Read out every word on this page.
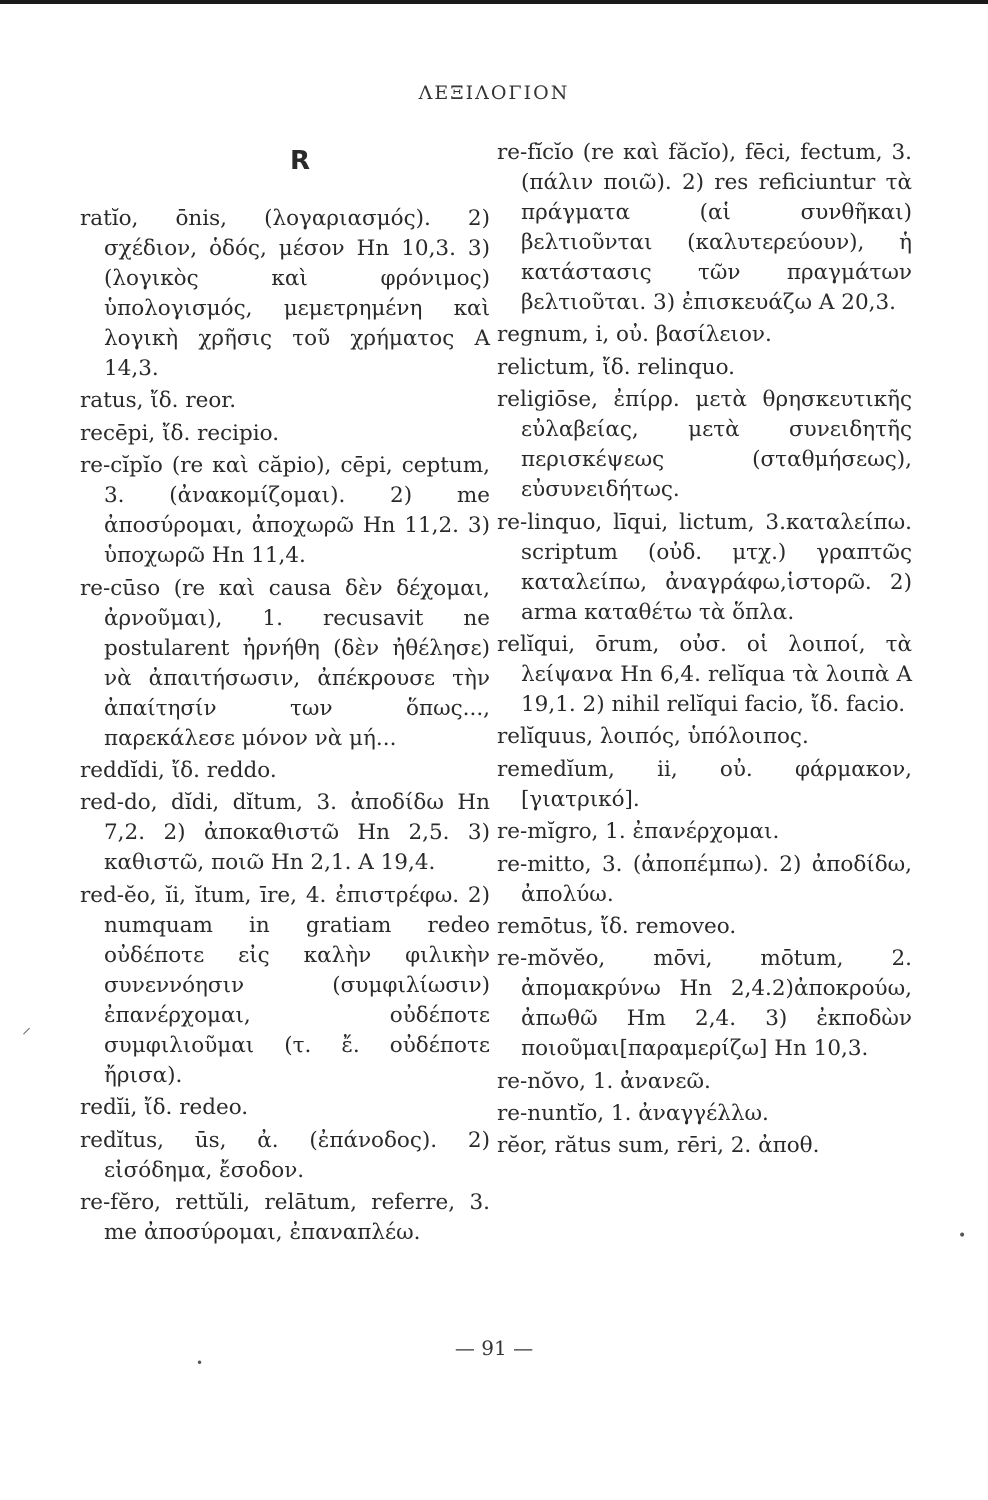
ΛΕΞΙΛΟΓΙΟΝ
R
ratĭo, ōnis, (λογαριασμός). 2) σχέδιον, ὁδός, μέσον Hn 10,3. 3) (λογικὸς καὶ φρόνιμος) ὑπολογισμός, μεμετρημένη καὶ λογικὴ χρῆσις τοῦ χρήματος A 14,3.
ratus, ἴδ. reor.
recēpi, ἴδ. recipio.
re-cĭpĭo (re καὶ căpio), cēpi, ceptum, 3. (ἀνακομίζομαι). 2) me ἀποσύρομαι, ἀποχωρῶ Hn 11,2. 3) ὑποχωρῶ Hn 11,4.
re-cūso (re καὶ causa δὲν δέχομαι, ἀρνοῦμαι), 1. recusavit ne postularent ἠρνήθη (δὲν ἠθέλησε) νὰ ἀπαιτήσωσιν, ἀπέκρουσε τὴν ἀπαίτησίν των ὅπως..., παρεκάλεσε μόνον νὰ μή...
reddĭdi, ἴδ. reddo.
red-do, dĭdi, dĭtum, 3. ἀποδίδω Hn 7,2. 2) ἀποκαθιστῶ Hn 2,5. 3) καθιστῶ, ποιῶ Hn 2,1. A 19,4.
red-ĕo, ĭi, ĭtum, īre, 4. ἐπιστρέφω. 2) numquam in gratiam redeo οὐδέποτε εἰς καλὴν φιλικὴν συνεννόησιν (συμφιλίωσιν) ἐπανέρχομαι, οὐδέποτε συμφιλιοῦμαι (τ. ἔ. οὐδέποτε ἤρισα).
redĭi, ἴδ. redeo.
redĭtus, ūs, ἀ. (ἐπάνοδος). 2) εἰσόδημα, ἔσοδον.
re-fĕro, rettŭli, relātum, referre, 3. me ἀποσύρομαι, ἐπαναπλέω.
re-fĭcĭo (re καὶ făcĭo), fēci, fectum, 3. (πάλιν ποιῶ). 2) res reficiuntur τὰ πράγματα (αἱ συνθῆκαι) βελτιοῦνται (καλυτερεύουν), ἡ κατάστασις τῶν πραγμάτων βελτιοῦται. 3) ἐπισκευάζω A 20,3.
regnum, i, οὐ. βασίλειον.
relictum, ἴδ. relinquo.
religiōse, ἐπίρρ. μετὰ θρησκευτικῆς εὐλαβείας, μετὰ συνειδητῆς περισκέψεως (σταθμήσεως), εὐσυνειδήτως.
re-linquo, līqui, lictum, 3.καταλείπω. scriptum (οὐδ. μτχ.) γραπτῶς καταλείπω, ἀναγράφω,ἱστορῶ. 2) arma καταθέτω τὰ ὅπλα.
relĭqui, ōrum, οὐσ. οἱ λοιποί, τὰ λείψανα Hn 6,4. relĭqua τὰ λοιπὰ A 19,1. 2) nihil relĭqui facio, ἴδ. facio.
relĭquus, λοιπός, ὑπόλοιπος.
remedĭum, ii, οὐ. φάρμακον, [γιατρικό].
re-mĭgro, 1. ἐπανέρχομαι.
re-mitto, 3. (ἀποπέμπω). 2) ἀποδίδω, ἀπολύω.
remōtus, ἴδ. removeo.
re-mŏvĕo, mōvi, mōtum, 2. ἀπομακρύνω Hn 2,4.2)ἀποκρούω, ἀπωθῶ Hm 2,4. 3) ἐκποδὼν ποιοῦμαι[παραμερίζω] Hn 10,3.
re-nŏvo, 1. ἀνανεῶ.
re-nuntĭo, 1. ἀναγγέλλω.
rĕor, rătus sum, rēri, 2. ἀποθ.
— 91 —
⸝
•
•
